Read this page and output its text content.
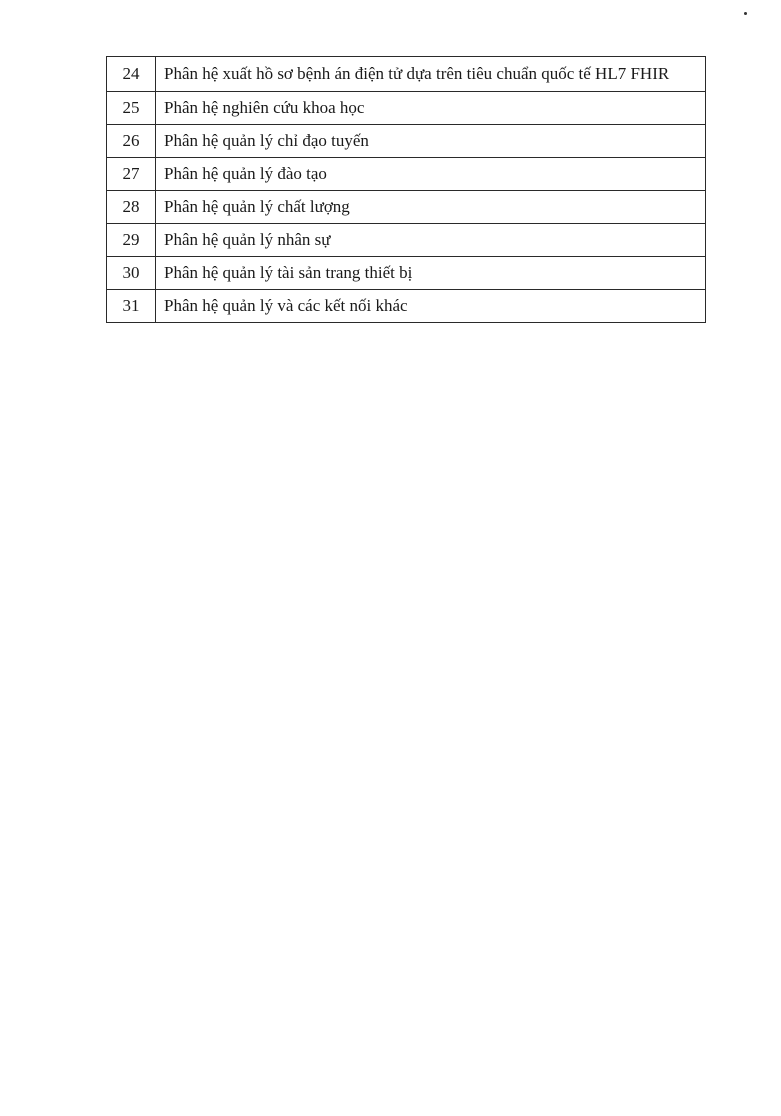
24	Phân hệ xuất hồ sơ bệnh án điện tử dựa trên tiêu chuẩn quốc tế HL7 FHIR
25	Phân hệ nghiên cứu khoa học
26	Phân hệ quản lý chỉ đạo tuyến
27	Phân hệ quản lý đào tạo
28	Phân hệ quản lý chất lượng
29	Phân hệ quản lý nhân sự
30	Phân hệ quản lý tài sản trang thiết bị
31	Phân hệ quản lý và các kết nối khác
